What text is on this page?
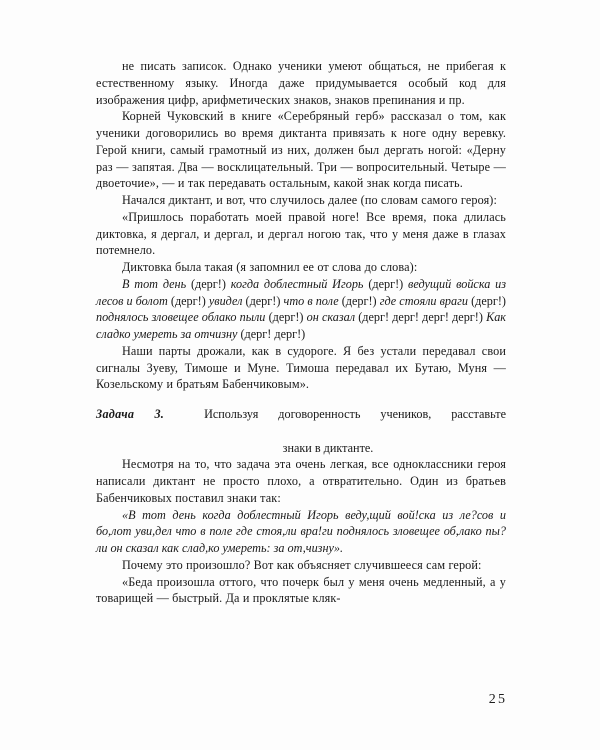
не писать записок. Однако ученики умеют общаться, не прибегая к естественному языку. Иногда даже придумывается особый код для изображения цифр, арифметических знаков, знаков препинания и пр.

Корней Чуковский в книге «Серебряный герб» рассказал о том, как ученики договорились во время диктанта привязать к ноге одну веревку. Герой книги, самый грамотный из них, должен был дергать ногой: «Дерну раз — запятая. Два — восклицательный. Три — вопросительный. Четыре — двоеточие», — и так передавать остальным, какой знак когда писать.

Начался диктант, и вот, что случилось далее (по словам самого героя):

«Пришлось поработать моей правой ноге! Все время, пока длилась диктовка, я дергал, и дергал, и дергал ногою так, что у меня даже в глазах потемнело.

Диктовка была такая (я запомнил ее от слова до слова):

В тот день (дерг!) когда доблестный Игорь (дерг!) ведущий войска из лесов и болот (дерг!) увидел (дерг!) что в поле (дерг!) где стояли враги (дерг!) поднялось зловещее облако пыли (дерг!) он сказал (дерг! дерг! дерг! дерг!) Как сладко умереть за отчизну (дерг! дерг!)

Наши парты дрожали, как в судороге. Я без устали передавал свои сигналы Зуеву, Тимоше и Муне. Тимоша передавал их Бутаю, Муня — Козельскому и братьям Бабенчиковым».

Задача 3.	Используя договоренность учеников, расставьте

знаки в диктанте.

Несмотря на то, что задача эта очень легкая, все одноклассники героя написали диктант не просто плохо, а отвратительно. Один из братьев Бабенчиковых поставил знаки так:

«В тот день когда доблестный Игорь веду,щий вой!ска из ле?сов и бо,лот уви,дел что в поле где стоя,ли вра!ги поднялось зловещее об,лако пы?ли он сказал как слад,ко умереть: за от,чизну».

Почему это произошло? Вот как объясняет случившееся сам герой:

«Беда произошла оттого, что почерк был у меня очень медленный, а у товарищей — быстрый. Да и проклятые кляк-

25
